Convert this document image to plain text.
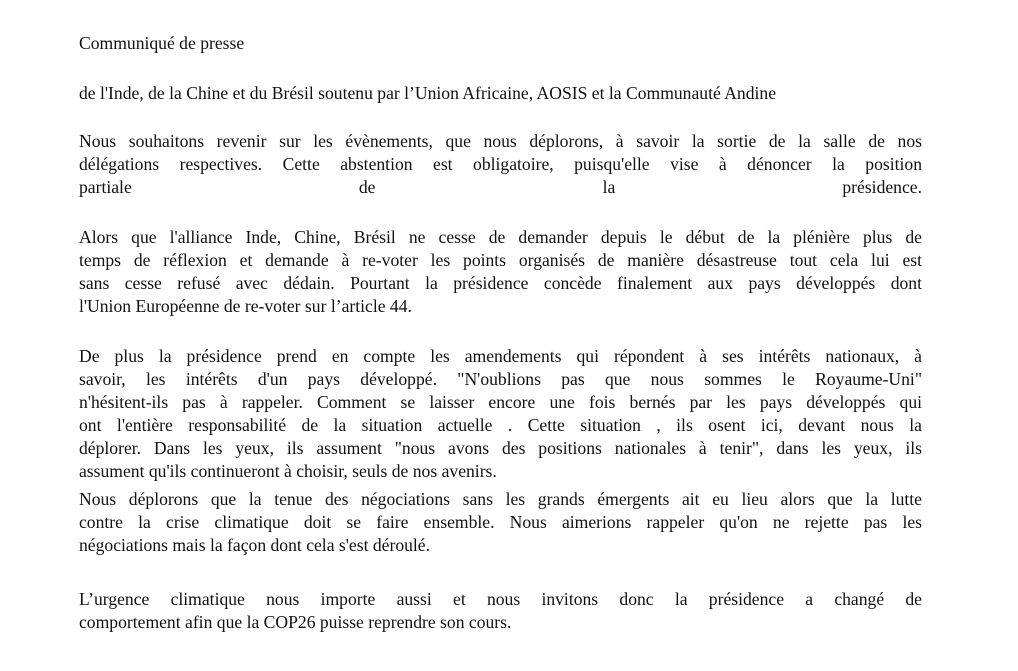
Communiqué de presse
de l'Inde, de la Chine et du Brésil soutenu par l’Union Africaine, AOSIS et la Communauté Andine
Nous souhaitons revenir sur les évènements, que nous déplorons, à savoir la sortie de la salle de nos
délégations respectives. Cette abstention est obligatoire, puisqu'elle vise à dénoncer la position
partiale de la présidence.
Alors que l'alliance Inde, Chine, Brésil ne cesse de demander depuis le début de la plénière plus de
temps de réflexion et demande à re-voter les points organisés de manière désastreuse tout cela lui est
sans cesse refusé avec dédain. Pourtant la présidence concède finalement aux pays développés dont
l'Union Européenne de re-voter sur l’article 44.
De plus la présidence prend en compte les amendements qui répondent à ses intérêts nationaux, à
savoir, les intérêts d'un pays développé. "N'oublions pas que nous sommes le Royaume-Uni"
n'hésitent-ils pas à rappeler. Comment se laisser encore une fois bernés par les pays développés qui
ont l'entière responsabilité de la situation actuelle . Cette situation , ils osent ici, devant nous la
déplorer. Dans les yeux, ils assument "nous avons des positions nationales à tenir", dans les yeux, ils
assument qu'ils continueront à choisir, seuls de nos avenirs.
Nous déplorons que la tenue des négociations sans les grands émergents ait eu lieu alors que la lutte
contre la crise climatique doit se faire ensemble. Nous aimerions rappeler qu'on ne rejette pas les
négociations mais la façon dont cela s'est déroulé.
L’urgence climatique nous importe aussi et nous invitons donc la présidence a changé de
comportement afin que la COP26 puisse reprendre son cours.
